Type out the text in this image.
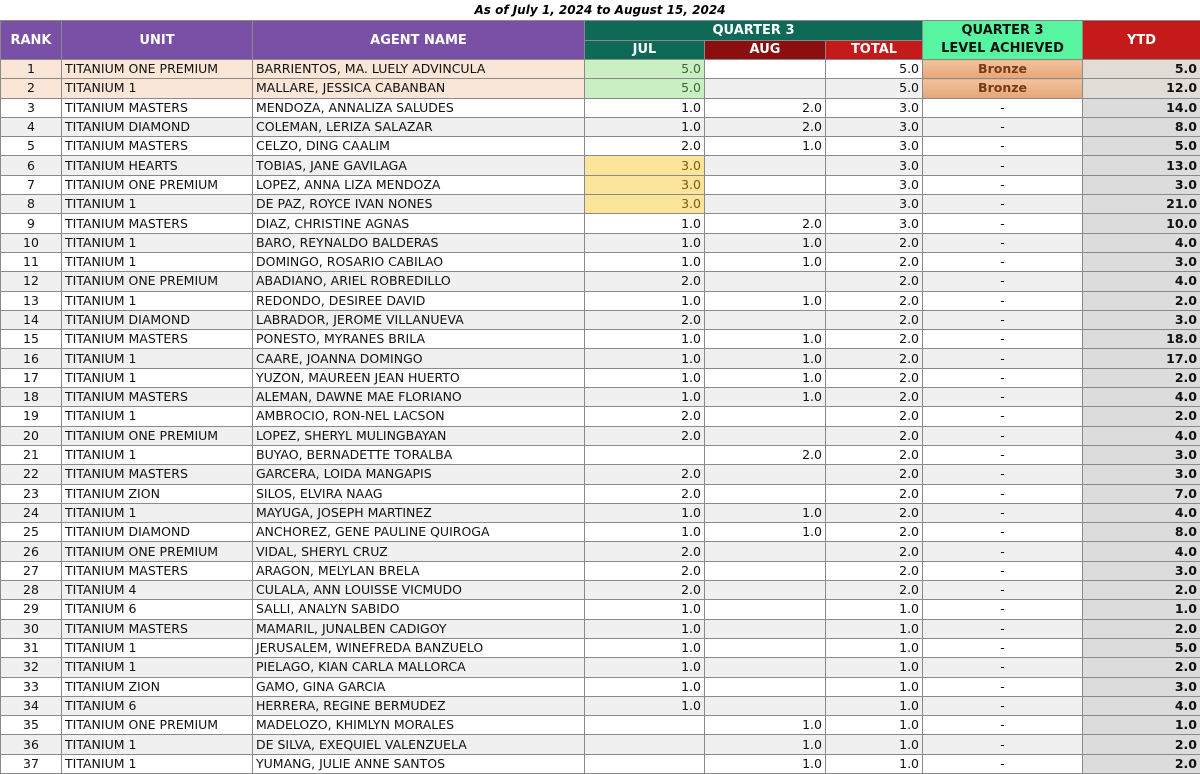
As of July 1, 2024 to August 15, 2024
RANK	UNIT	AGENT NAME	QUARTER 3			QUARTER 3
LEVEL ACHIEVED	YTD
			JUL	AUG	TOTAL		
1	TITANIUM ONE PREMIUM	BARRIENTOS, MA. LUELY ADVINCULA	5.0		5.0	Bronze	5.0
2	TITANIUM 1	MALLARE, JESSICA CABANBAN	5.0		5.0	Bronze	12.0
3	TITANIUM MASTERS	MENDOZA, ANNALIZA SALUDES	1.0	2.0	3.0	-	14.0
4	TITANIUM DIAMOND	COLEMAN, LERIZA SALAZAR	1.0	2.0	3.0	-	8.0
5	TITANIUM MASTERS	CELZO, DING CAALIM	2.0	1.0	3.0	-	5.0
6	TITANIUM HEARTS	TOBIAS, JANE GAVILAGA	3.0		3.0	-	13.0
7	TITANIUM ONE PREMIUM	LOPEZ, ANNA LIZA MENDOZA	3.0		3.0	-	3.0
8	TITANIUM 1	DE PAZ, ROYCE IVAN NONES	3.0		3.0	-	21.0
9	TITANIUM MASTERS	DIAZ, CHRISTINE AGNAS	1.0	2.0	3.0	-	10.0
10	TITANIUM 1	BARO, REYNALDO BALDERAS	1.0	1.0	2.0	-	4.0
11	TITANIUM 1	DOMINGO, ROSARIO CABILAO	1.0	1.0	2.0	-	3.0
12	TITANIUM ONE PREMIUM	ABADIANO, ARIEL ROBREDILLO	2.0		2.0	-	4.0
13	TITANIUM 1	REDONDO, DESIREE DAVID	1.0	1.0	2.0	-	2.0
14	TITANIUM DIAMOND	LABRADOR, JEROME VILLANUEVA	2.0		2.0	-	3.0
15	TITANIUM MASTERS	PONESTO, MYRANES BRILA	1.0	1.0	2.0	-	18.0
16	TITANIUM 1	CAARE, JOANNA DOMINGO	1.0	1.0	2.0	-	17.0
17	TITANIUM 1	YUZON, MAUREEN JEAN HUERTO	1.0	1.0	2.0	-	2.0
18	TITANIUM MASTERS	ALEMAN, DAWNE MAE FLORIANO	1.0	1.0	2.0	-	4.0
19	TITANIUM 1	AMBROCIO, RON-NEL LACSON	2.0		2.0	-	2.0
20	TITANIUM ONE PREMIUM	LOPEZ, SHERYL MULINGBAYAN	2.0		2.0	-	4.0
21	TITANIUM 1	BUYAO, BERNADETTE TORALBA		2.0	2.0	-	3.0
22	TITANIUM MASTERS	GARCERA, LOIDA MANGAPIS	2.0		2.0	-	3.0
23	TITANIUM ZION	SILOS, ELVIRA NAAG	2.0		2.0	-	7.0
24	TITANIUM 1	MAYUGA, JOSEPH MARTINEZ	1.0	1.0	2.0	-	4.0
25	TITANIUM DIAMOND	ANCHOREZ, GENE PAULINE QUIROGA	1.0	1.0	2.0	-	8.0
26	TITANIUM ONE PREMIUM	VIDAL, SHERYL CRUZ	2.0		2.0	-	4.0
27	TITANIUM MASTERS	ARAGON, MELYLAN BRELA	2.0		2.0	-	3.0
28	TITANIUM 4	CULALA, ANN LOUISSE VICMUDO	2.0		2.0	-	2.0
29	TITANIUM 6	SALLI, ANALYN SABIDO	1.0		1.0	-	1.0
30	TITANIUM MASTERS	MAMARIL, JUNALBEN CADIGOY	1.0		1.0	-	2.0
31	TITANIUM 1	JERUSALEM, WINEFREDA BANZUELO	1.0		1.0	-	5.0
32	TITANIUM 1	PIELAGO, KIAN CARLA MALLORCA	1.0		1.0	-	2.0
33	TITANIUM ZION	GAMO, GINA GARCIA	1.0		1.0	-	3.0
34	TITANIUM 6	HERRERA, REGINE BERMUDEZ	1.0		1.0	-	4.0
35	TITANIUM ONE PREMIUM	MADELOZO, KHIMLYN MORALES		1.0	1.0	-	1.0
36	TITANIUM 1	DE SILVA, EXEQUIEL VALENZUELA		1.0	1.0	-	2.0
37	TITANIUM 1	YUMANG, JULIE ANNE SANTOS		1.0	1.0	-	2.0
